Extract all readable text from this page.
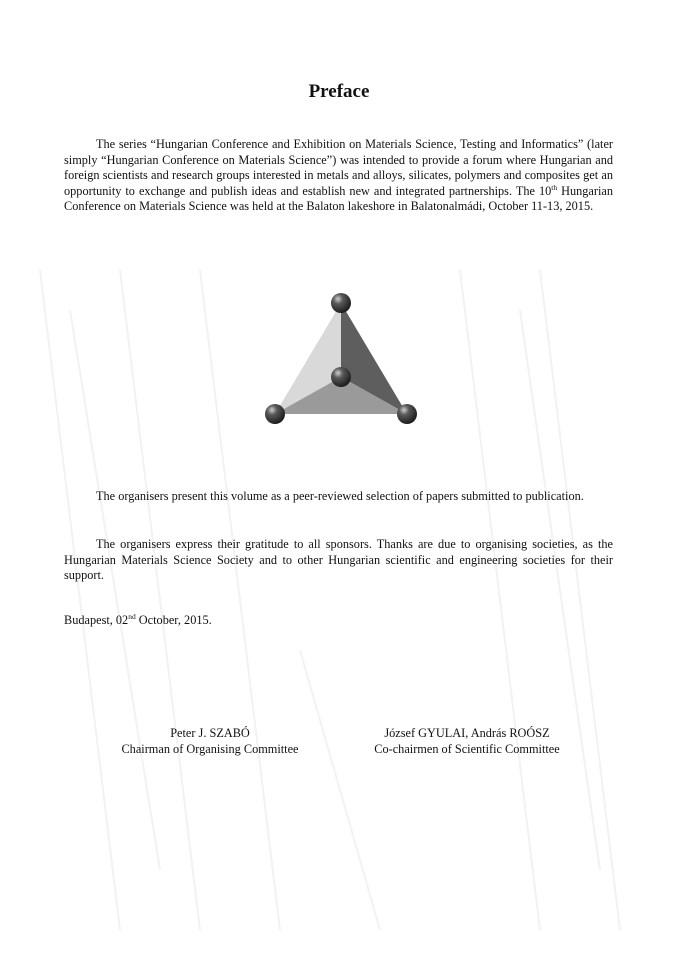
Preface

The series “Hungarian Conference and Exhibition on Materials Science, Testing and Informatics” (later simply “Hungarian Conference on Materials Science”) was intended to provide a forum where Hungarian and foreign scientists and research groups interested in metals and alloys, silicates, polymers and composites get an opportunity to exchange and publish ideas and establish new and integrated partnerships. The 10th Hungarian Conference on Materials Science was held at the Balaton lakeshore in Balatonalmádi, October 11-13, 2015.

The organisers present this volume as a peer-reviewed selection of papers submitted to publication.

The organisers express their gratitude to all sponsors. Thanks are due to organising societies, as the Hungarian Materials Science Society and to other Hungarian scientific and engineering societies for their support.

Budapest, 02nd October, 2015.
Peter J. SZABÓ
Chairman of Organising Committee
József GYULAI, András ROÓSZ
Co-chairmen of Scientific Committee
